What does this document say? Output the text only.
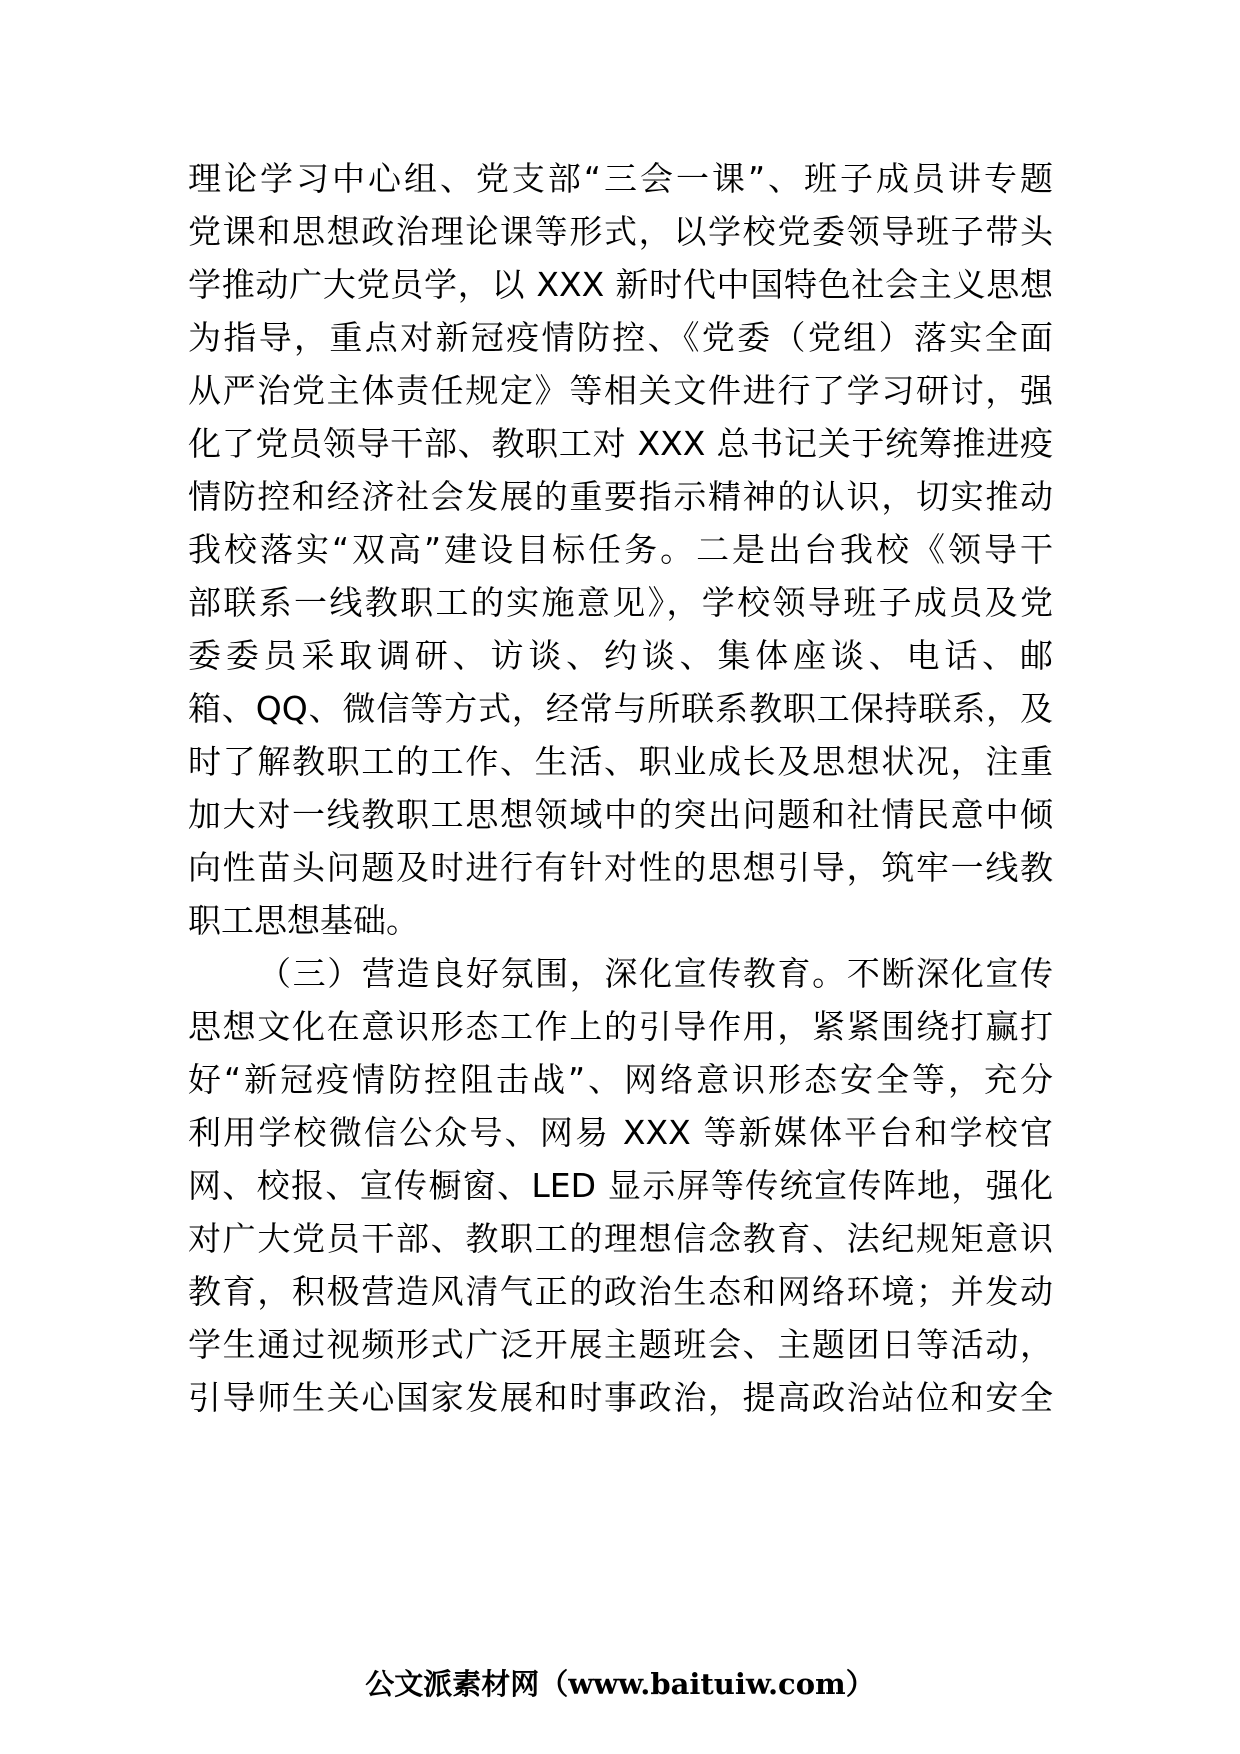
理论学习中心组、党支部“三会一课”、班子成员讲专题
党课和思想政治理论课等形式，以学校党委领导班子带头
学推动广大党员学，以 XXX 新时代中国特色社会主义思想
为指导，重点对新冠疫情防控、《党委（党组）落实全面
从严治党主体责任规定》等相关文件进行了学习研讨，强
化了党员领导干部、教职工对 XXX 总书记关于统筹推进疫
情防控和经济社会发展的重要指示精神的认识，切实推动
我校落实“双高”建设目标任务。二是出台我校《领导干
部联系一线教职工的实施意见》，学校领导班子成员及党
委委员采取调研、访谈、约谈、集体座谈、电话、邮
箱、QQ、微信等方式，经常与所联系教职工保持联系，及
时了解教职工的工作、生活、职业成长及思想状况，注重
加大对一线教职工思想领域中的突出问题和社情民意中倾
向性苗头问题及时进行有针对性的思想引导，筑牢一线教
职工思想基础。
（三）营造良好氛围，深化宣传教育。不断深化宣传
思想文化在意识形态工作上的引导作用，紧紧围绕打赢打
好“新冠疫情防控阻击战”、网络意识形态安全等，充分
利用学校微信公众号、网易 XXX 等新媒体平台和学校官
网、校报、宣传橱窗、LED 显示屏等传统宣传阵地，强化
对广大党员干部、教职工的理想信念教育、法纪规矩意识
教育，积极营造风清气正的政治生态和网络环境；并发动
学生通过视频形式广泛开展主题班会、主题团日等活动，
引导师生关心国家发展和时事政治，提高政治站位和安全
公文派素材网（www.baituiw.com）
